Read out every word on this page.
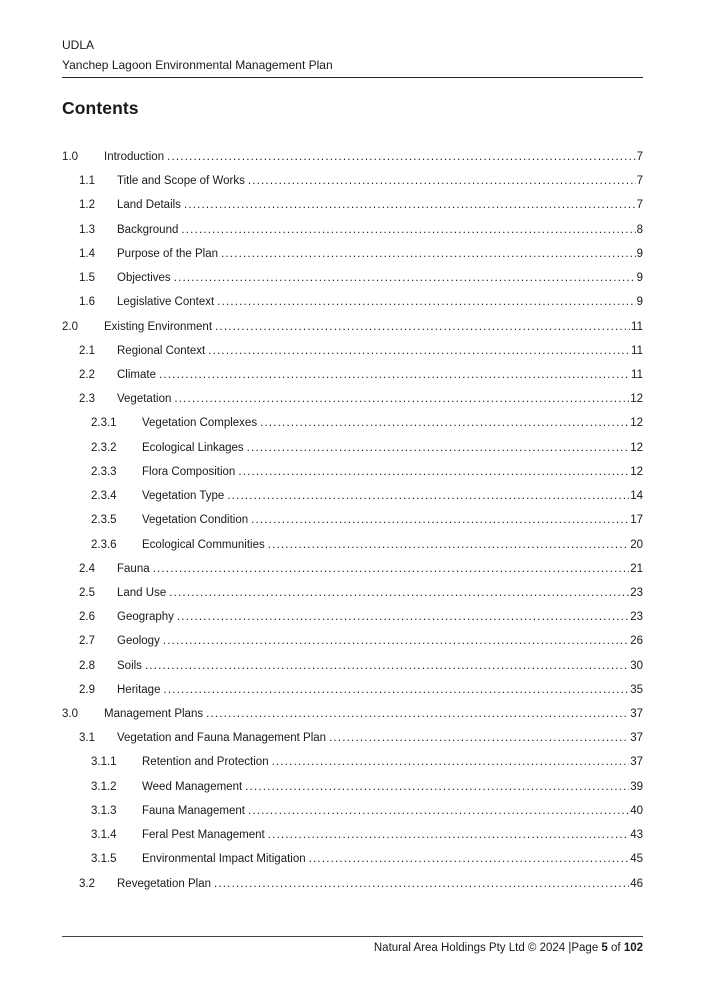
UDLA
Yanchep Lagoon Environmental Management Plan
Contents
1.0	Introduction .....	7
1.1	Title and Scope of Works .....	7
1.2	Land Details .....	7
1.3	Background .....	8
1.4	Purpose of the Plan .....	9
1.5	Objectives .....	9
1.6	Legislative Context .....	9
2.0	Existing Environment .....	11
2.1	Regional Context .....	11
2.2	Climate .....	11
2.3	Vegetation .....	12
2.3.1	Vegetation Complexes .....	12
2.3.2	Ecological Linkages .....	12
2.3.3	Flora Composition .....	12
2.3.4	Vegetation Type .....	14
2.3.5	Vegetation Condition .....	17
2.3.6	Ecological Communities .....	20
2.4	Fauna .....	21
2.5	Land Use .....	23
2.6	Geography .....	23
2.7	Geology .....	26
2.8	Soils .....	30
2.9	Heritage .....	35
3.0	Management Plans .....	37
3.1	Vegetation and Fauna Management Plan .....	37
3.1.1	Retention and Protection .....	37
3.1.2	Weed Management .....	39
3.1.3	Fauna Management .....	40
3.1.4	Feral Pest Management .....	43
3.1.5	Environmental Impact Mitigation .....	45
3.2	Revegetation Plan .....	46
Natural Area Holdings Pty Ltd © 2024 |Page 5 of 102
